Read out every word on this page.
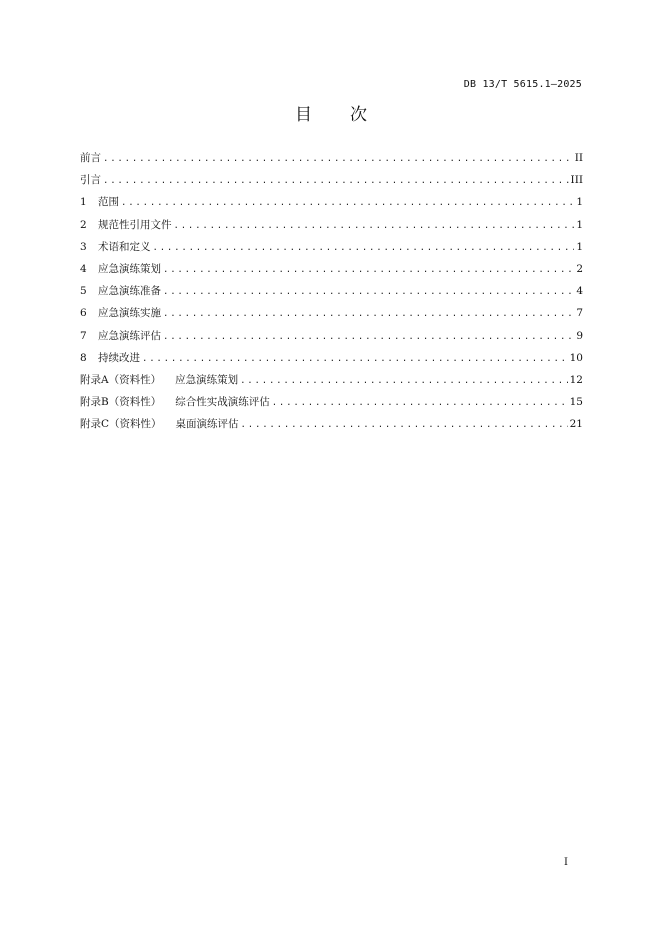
DB 13/T 5615.1—2025
目次
前言 .....	II
引言 .....	III
1 范围 .....	1
2 规范性引用文件 .....	1
3 术语和定义 .....	1
4 应急演练策划 .....	2
5 应急演练准备 .....	4
6 应急演练实施 .....	7
7 应急演练评估 .....	9
8 持续改进 .....	10
附录A（资料性） 应急演练策划 .....	12
附录B（资料性） 综合性实战演练评估 .....	15
附录C（资料性） 桌面演练评估 .....	21
I
